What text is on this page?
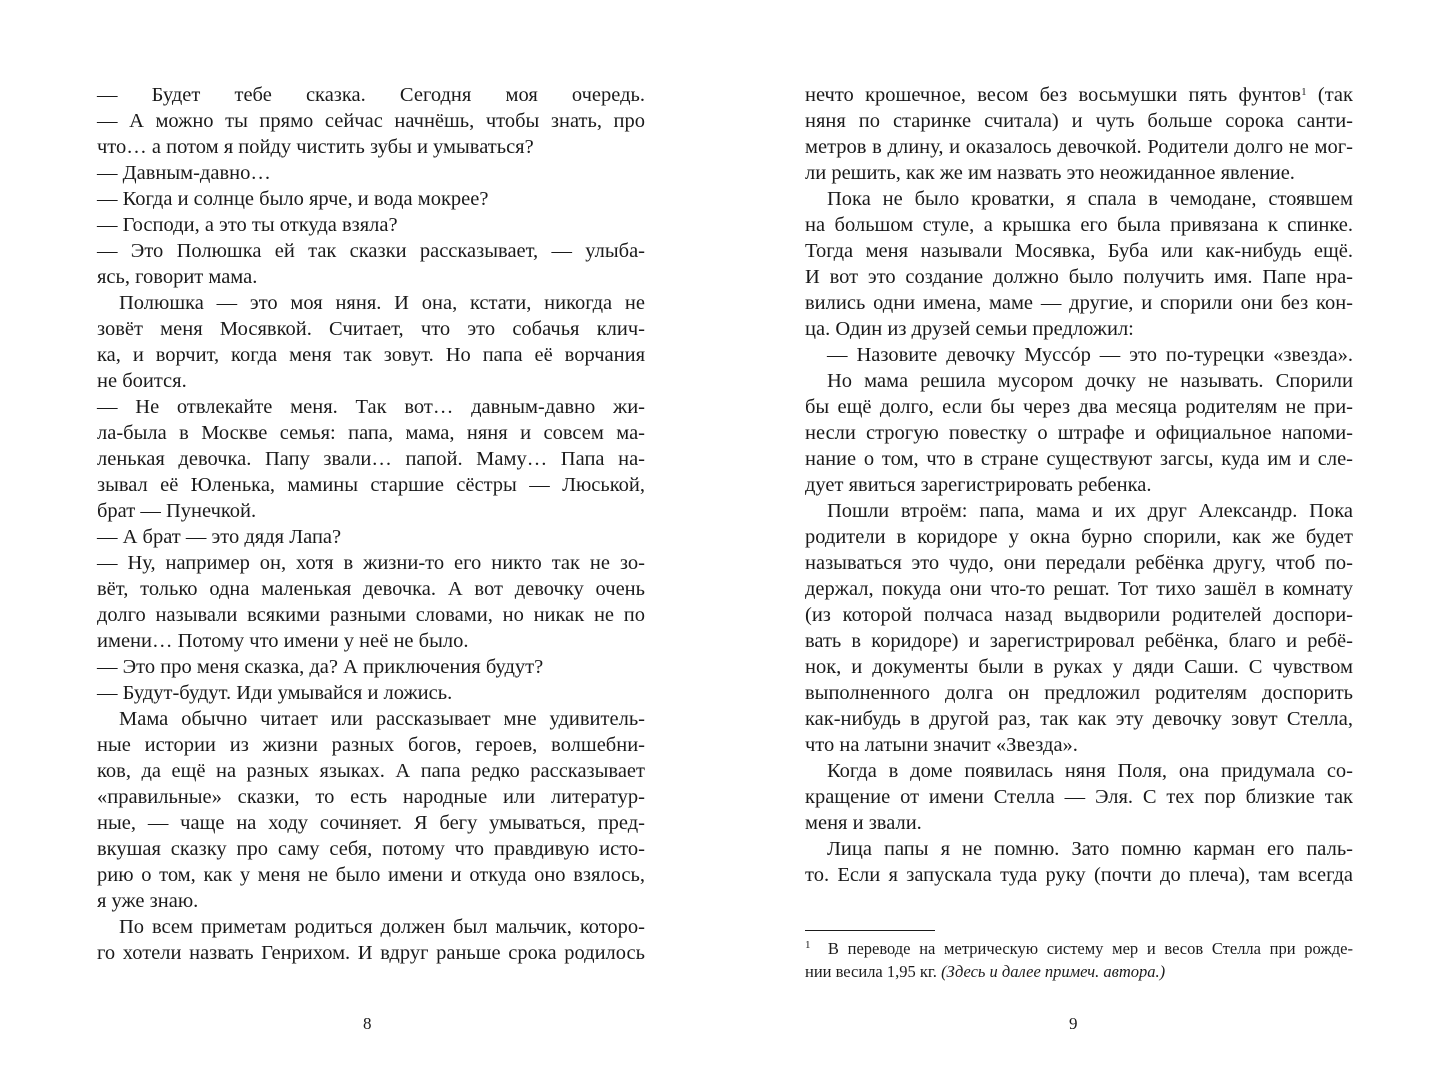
— Будет тебе сказка. Сегодня моя очередь.
— А можно ты прямо сейчас начнёшь, чтобы знать, про
что… а потом я пойду чистить зубы и умываться?
— Давным-давно…
— Когда и солнце было ярче, и вода мокрее?
— Господи, а это ты откуда взяла?
— Это Полюшка ей так сказки рассказывает, — улыба-
ясь, говорит мама.
Полюшка — это моя няня. И она, кстати, никогда не
зовёт меня Мосявкой. Считает, что это собачья клич-
ка, и ворчит, когда меня так зовут. Но папа её ворчания
не боится.
— Не отвлекайте меня. Так вот… давным-давно жи-
ла-была в Москве семья: папа, мама, няня и совсем ма-
ленькая девочка. Папу звали… папой. Маму… Папа на-
зывал её Юленька, мамины старшие сёстры — Люськой,
брат — Пунечкой.
— А брат — это дядя Лапа?
— Ну, например он, хотя в жизни-то его никто так не зо-
вёт, только одна маленькая девочка. А вот девочку очень
долго называли всякими разными словами, но никак не по
имени… Потому что имени у неё не было.
— Это про меня сказка, да? А приключения будут?
— Будут-будут. Иди умывайся и ложись.
Мама обычно читает или рассказывает мне удивитель-
ные истории из жизни разных богов, героев, волшебни-
ков, да ещё на разных языках. А папа редко рассказывает
«правильные» сказки, то есть народные или литератур-
ные, — чаще на ходу сочиняет. Я бегу умываться, пред-
вкушая сказку про саму себя, потому что правдивую исто-
рию о том, как у меня не было имени и откуда оно взялось,
я уже знаю.
По всем приметам родиться должен был мальчик, которо-
го хотели назвать Генрихом. И вдруг раньше срока родилось
нечто крошечное, весом без восьмушки пять фунтов$^1$ (так
няня по старинке считала) и чуть больше сорока санти-
метров в длину, и оказалось девочкой. Родители долго не мог-
ли решить, как же им назвать это неожиданное явление.
Пока не было кроватки, я спала в чемодане, стоявшем
на большом стуле, а крышка его была привязана к спинке.
Тогда меня называли Мосявка, Буба или как-нибудь ещё.
И вот это создание должно было получить имя. Папе нра-
вились одни имена, маме — другие, и спорили они без кон-
ца. Один из друзей семьи предложил:
— Назовите девочку Муссóр — это по-турецки «звезда».
Но мама решила мусором дочку не называть. Спорили
бы ещё долго, если бы через два месяца родителям не при-
несли строгую повестку о штрафе и официальное напоми-
нание о том, что в стране существуют загсы, куда им и сле-
дует явиться зарегистрировать ребенка.
Пошли втроём: папа, мама и их друг Александр. Пока
родители в коридоре у окна бурно спорили, как же будет
называться это чудо, они передали ребёнка другу, чтоб по-
держал, покуда они что-то решат. Тот тихо зашёл в комнату
(из которой полчаса назад выдворили родителей доспори-
вать в коридоре) и зарегистрировал ребёнка, благо и ребё-
нок, и документы были в руках у дяди Саши. С чувством
выполненного долга он предложил родителям доспорить
как-нибудь в другой раз, так как эту девочку зовут Стелла,
что на латыни значит «Звезда».
Когда в доме появилась няня Поля, она придумала со-
кращение от имени Стелла — Эля. С тех пор близкие так
меня и звали.
Лица папы я не помню. Зато помню карман его паль-
то. Если я запускала туда руку (почти до плеча), там всегда
$^1$ В переводе на метрическую систему мер и весов Стелла при рожде-
нии весила 1,95 кг. (Здесь и далее примеч. автора.)
8	9
